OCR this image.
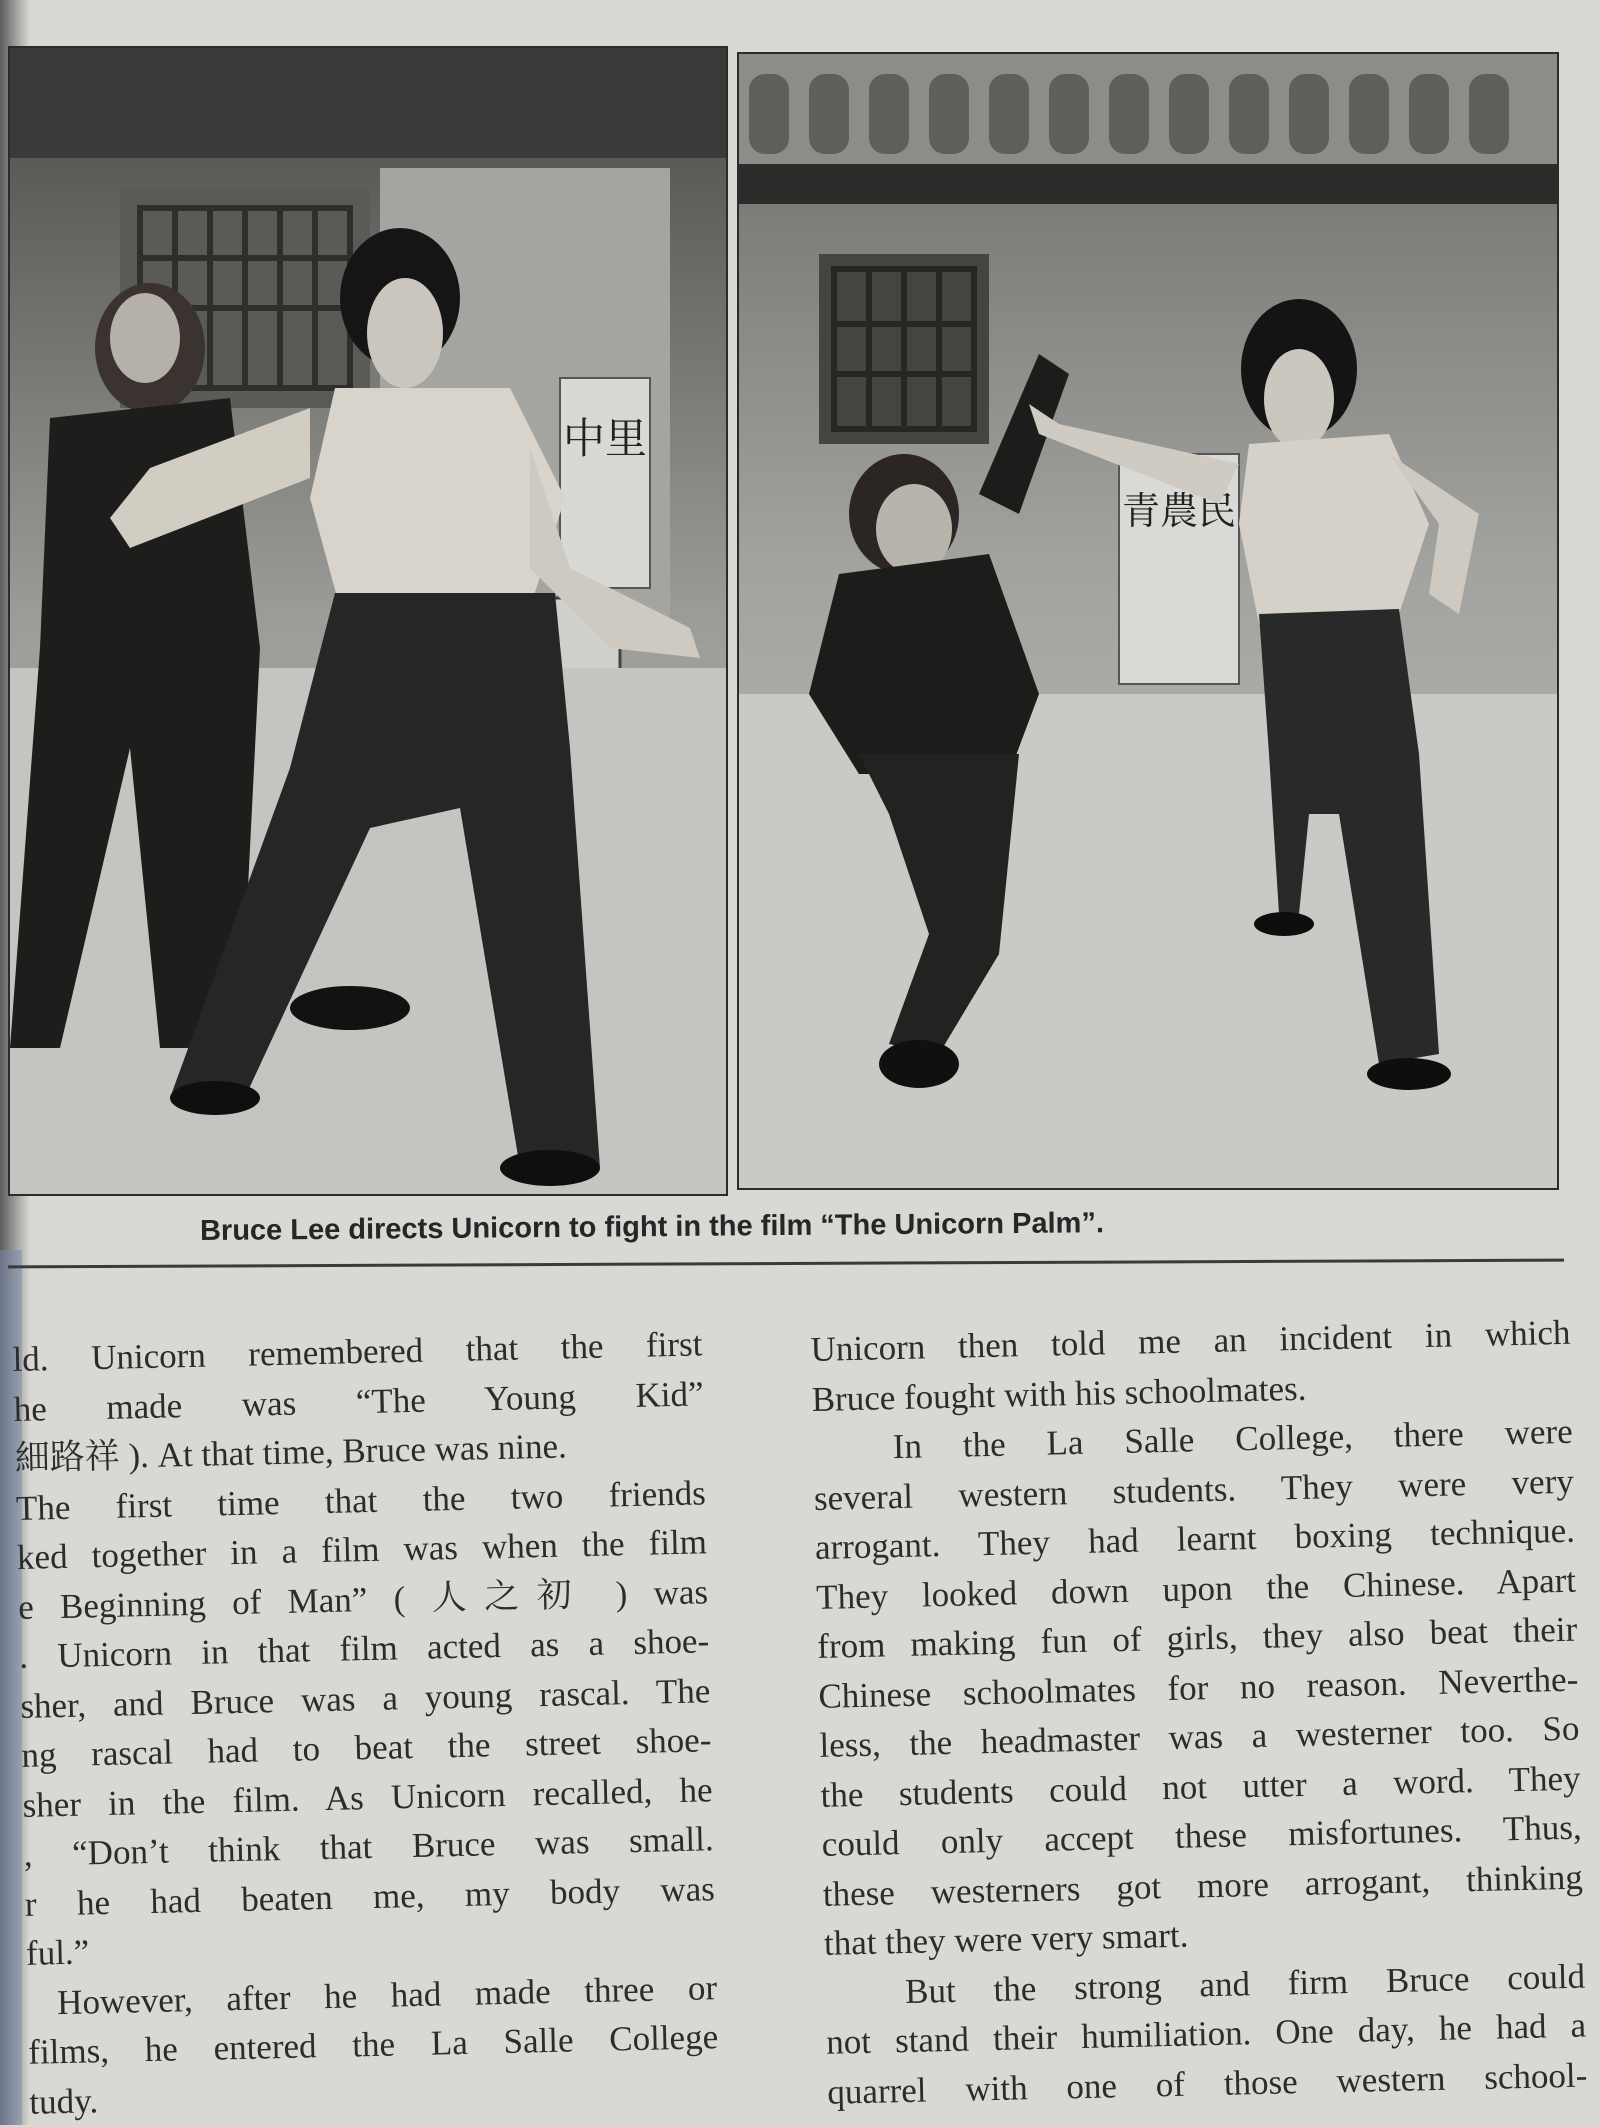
中里
青農民
Bruce Lee directs Unicorn to fight in the film “The Unicorn Palm”.
ld. Unicorn remembered that the first
he made was “The Young Kid”
細路祥 ). At that time, Bruce was nine.
The first time that the two friends
ked together in a film was when the film
e Beginning of Man” ( 人之初 ) was
. Unicorn in that film acted as a shoe-
sher, and Bruce was a young rascal. The
ng rascal had to beat the street shoe-
sher in the film. As Unicorn recalled, he
, “Don’t think that Bruce was small.
r he had beaten me, my body was
ful.”
However, after he had made three or
films, he entered the La Salle College
tudy.
Unicorn then told me an incident in which
Bruce fought with his schoolmates.
In the La Salle College, there were
several western students. They were very
arrogant. They had learnt boxing technique.
They looked down upon the Chinese. Apart
from making fun of girls, they also beat their
Chinese schoolmates for no reason. Neverthe-
less, the headmaster was a westerner too. So
the students could not utter a word. They
could only accept these misfortunes. Thus,
these westerners got more arrogant, thinking
that they were very smart.
But the strong and firm Bruce could
not stand their humiliation. One day, he had a
quarrel with one of those western school-
